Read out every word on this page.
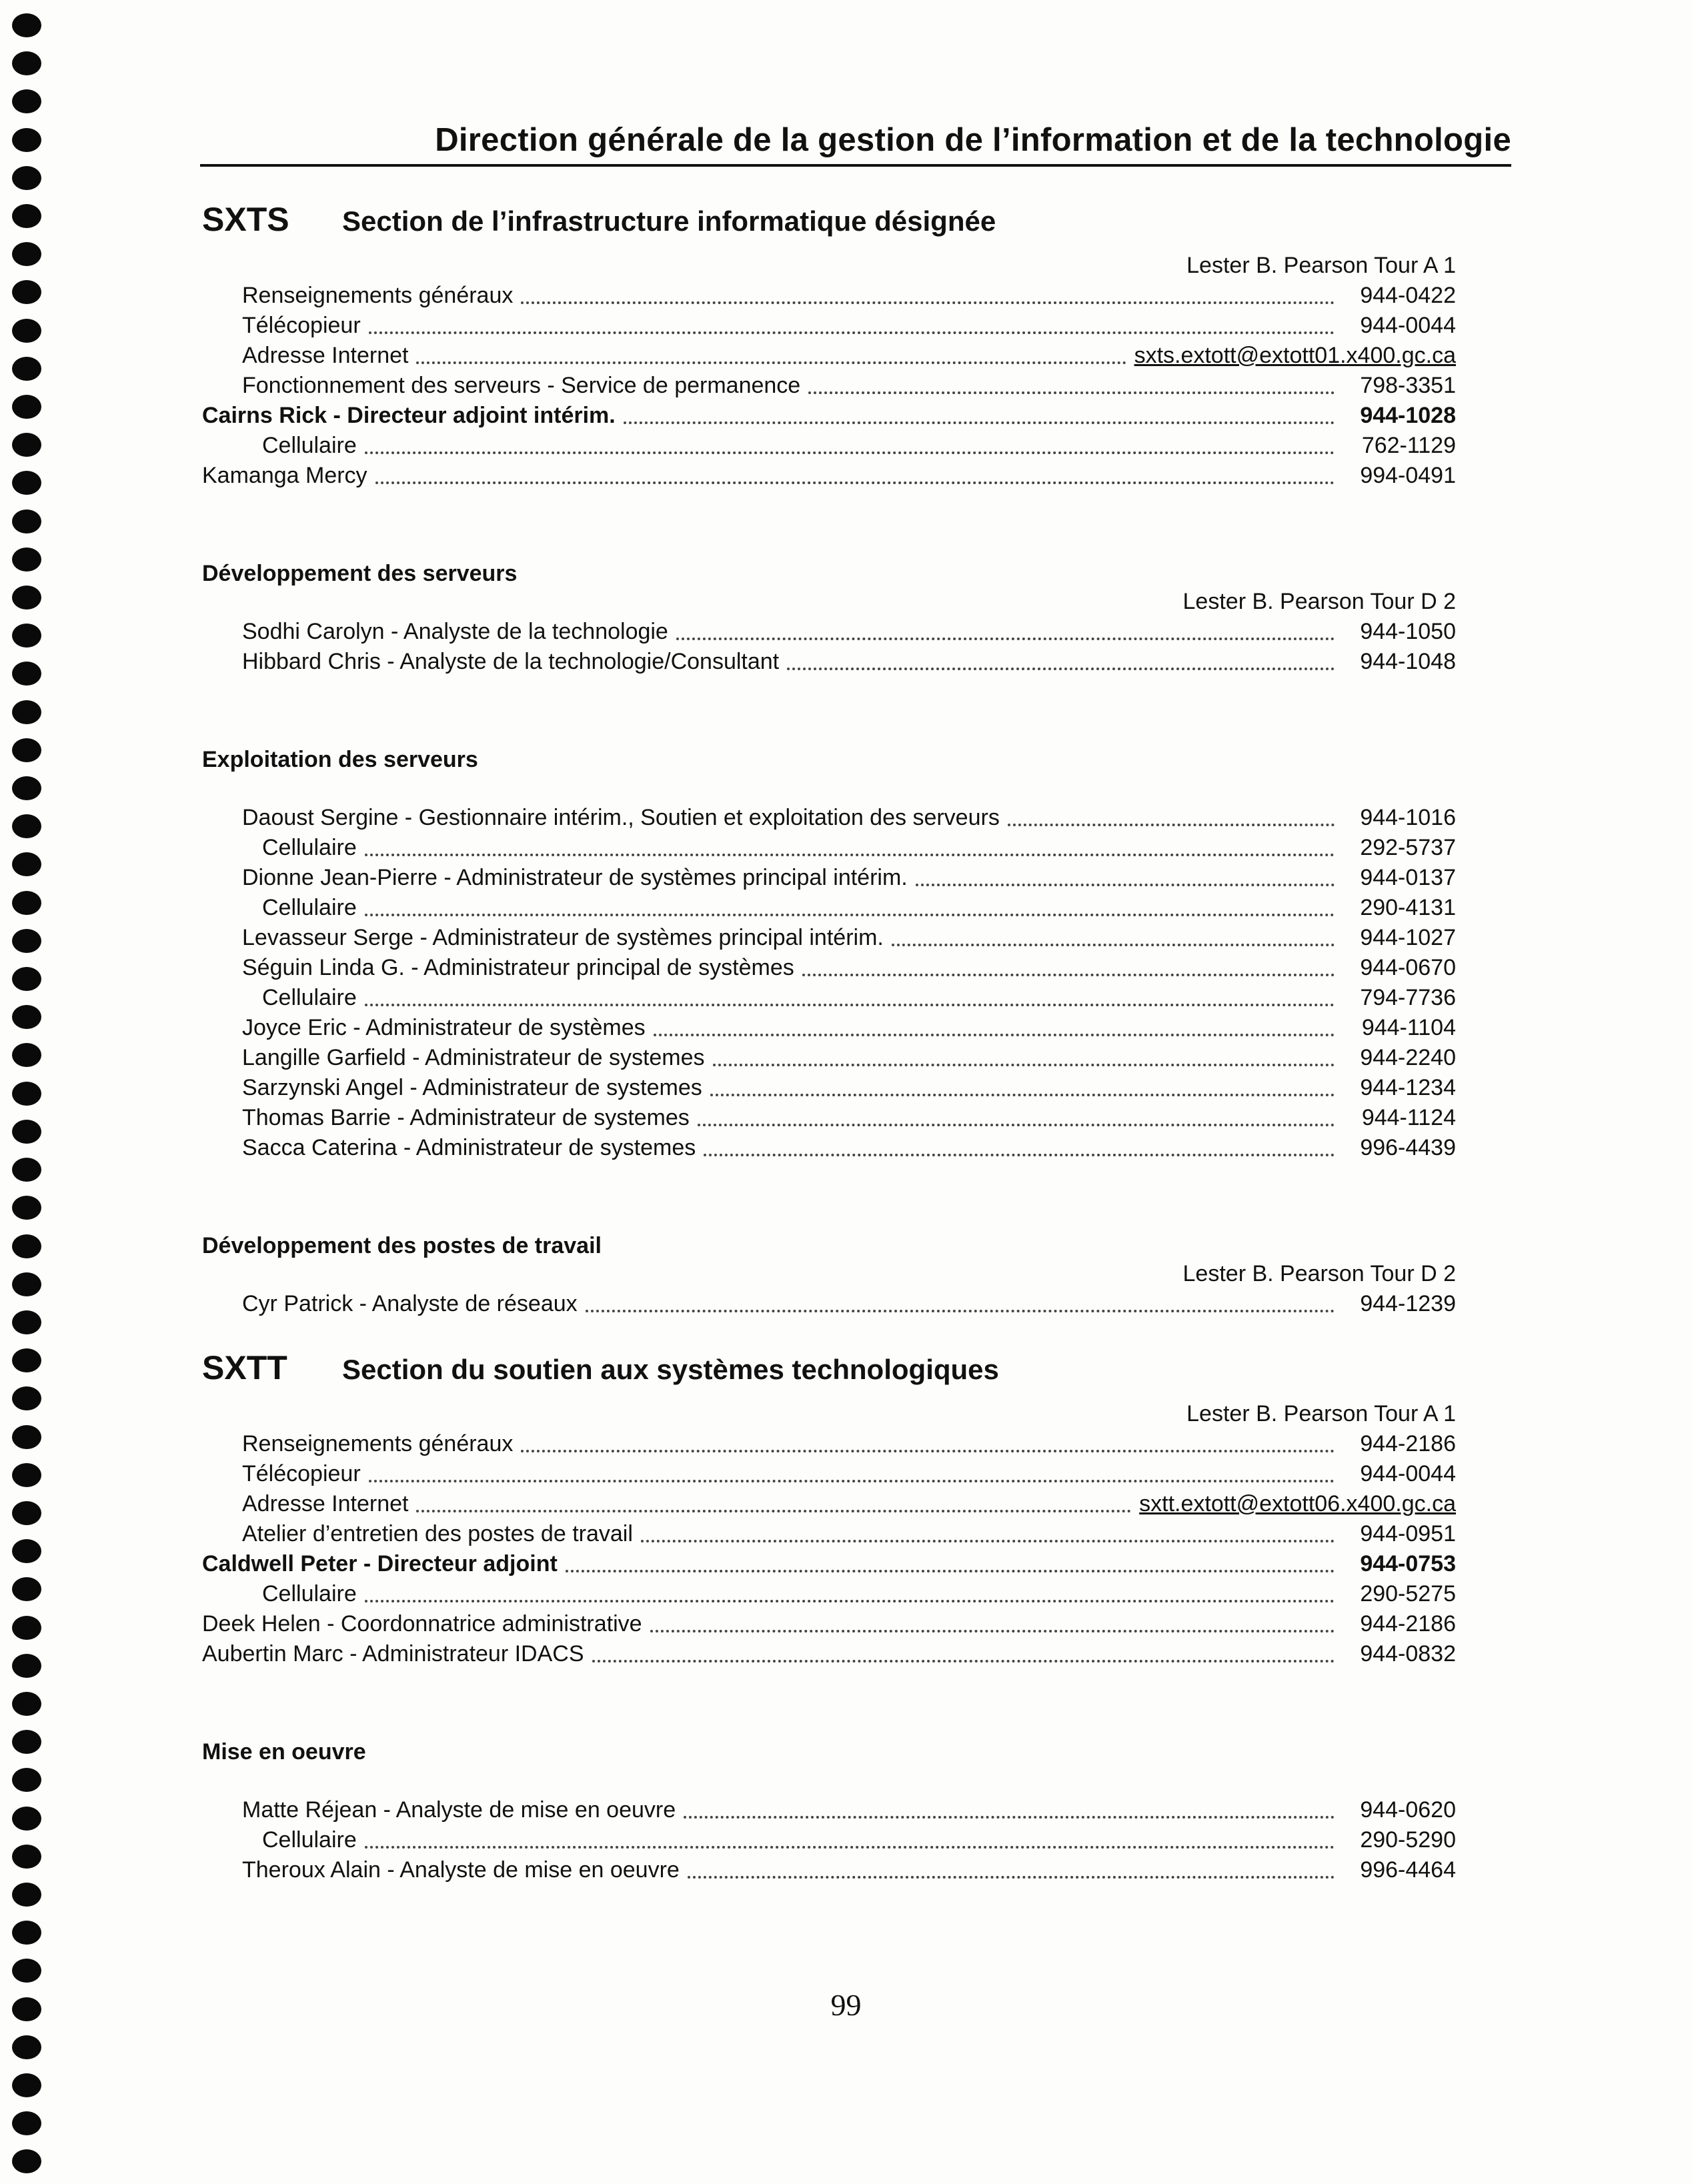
Direction générale de la gestion de l’information et de la technologie
SXTS	Section de l’infrastructure informatique désignée
Lester B. Pearson Tour A 1
Renseignements généraux	944-0422
Télécopieur	944-0044
Adresse Internet	sxts.extott@extott01.x400.gc.ca
Fonctionnement des serveurs - Service de permanence	798-3351
Cairns Rick - Directeur adjoint intérim.	944-1028
Cellulaire	762-1129
Kamanga Mercy	994-0491
Développement des serveurs
Lester B. Pearson Tour D 2
Sodhi Carolyn - Analyste de la technologie	944-1050
Hibbard Chris - Analyste de la technologie/Consultant	944-1048
Exploitation des serveurs
Daoust Sergine - Gestionnaire intérim., Soutien et exploitation des serveurs	944-1016
Cellulaire	292-5737
Dionne Jean-Pierre - Administrateur de systèmes principal intérim.	944-0137
Cellulaire	290-4131
Levasseur Serge - Administrateur de systèmes principal intérim.	944-1027
Séguin Linda G. - Administrateur principal de systèmes	944-0670
Cellulaire	794-7736
Joyce Eric - Administrateur de systèmes	944-1104
Langille Garfield - Administrateur de systemes	944-2240
Sarzynski Angel - Administrateur de systemes	944-1234
Thomas Barrie - Administrateur de systemes	944-1124
Sacca Caterina - Administrateur de systemes	996-4439
Développement des postes de travail
Lester B. Pearson Tour D 2
Cyr Patrick - Analyste de réseaux	944-1239
SXTT	Section du soutien aux systèmes technologiques
Lester B. Pearson Tour A 1
Renseignements généraux	944-2186
Télécopieur	944-0044
Adresse Internet	sxtt.extott@extott06.x400.gc.ca
Atelier d’entretien des postes de travail	944-0951
Caldwell Peter - Directeur adjoint	944-0753
Cellulaire	290-5275
Deek Helen - Coordonnatrice administrative	944-2186
Aubertin Marc - Administrateur IDACS	944-0832
Mise en oeuvre
Matte Réjean - Analyste de mise en oeuvre	944-0620
Cellulaire	290-5290
Theroux Alain - Analyste de mise en oeuvre	996-4464
99
